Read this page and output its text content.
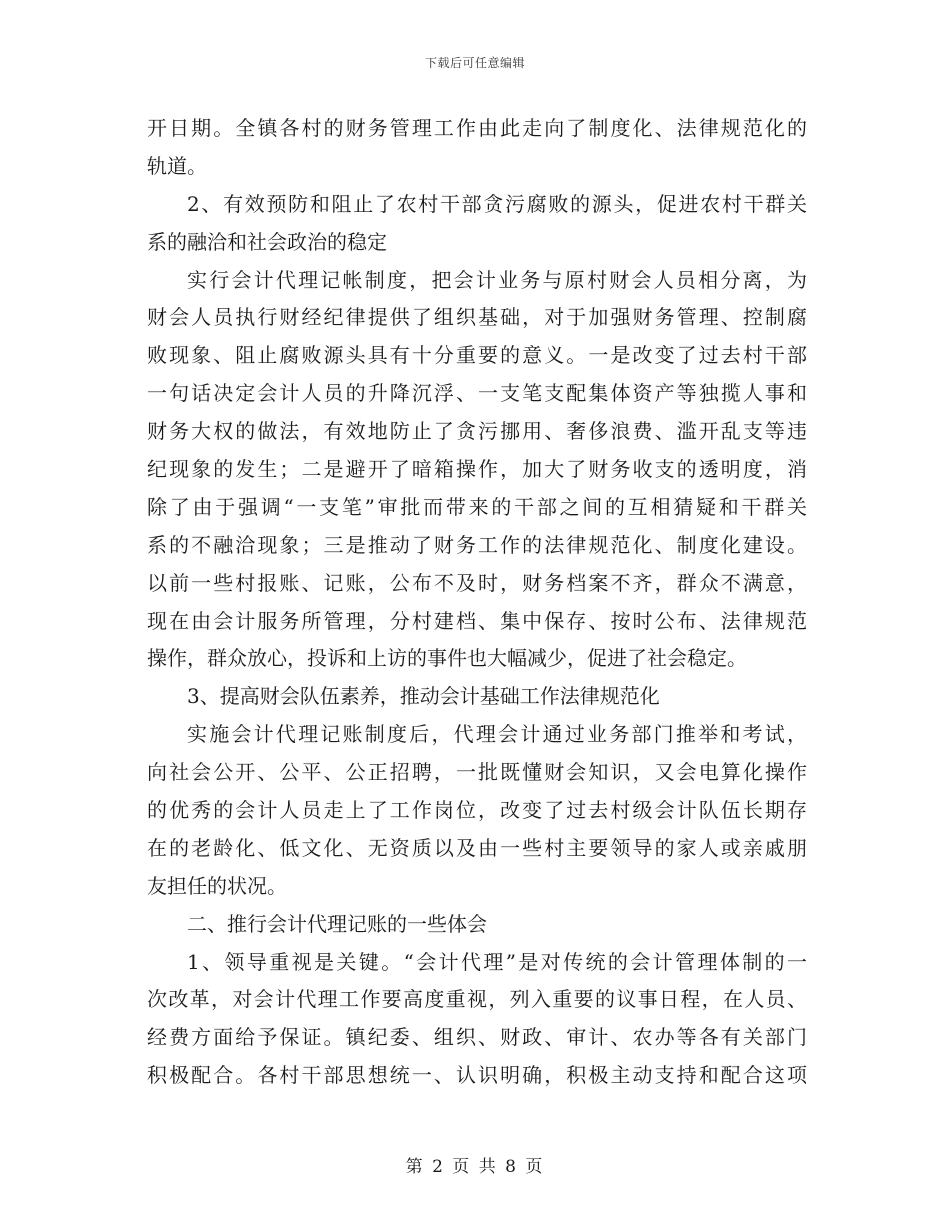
下载后可任意编辑
开日期。全镇各村的财务管理工作由此走向了制度化、法律规范化的
轨道。
2、有效预防和阻止了农村干部贪污腐败的源头，促进农村干群关
系的融洽和社会政治的稳定
实行会计代理记帐制度，把会计业务与原村财会人员相分离，为
财会人员执行财经纪律提供了组织基础，对于加强财务管理、控制腐
败现象、阻止腐败源头具有十分重要的意义。一是改变了过去村干部
一句话决定会计人员的升降沉浮、一支笔支配集体资产等独揽人事和
财务大权的做法，有效地防止了贪污挪用、奢侈浪费、滥开乱支等违
纪现象的发生；二是避开了暗箱操作，加大了财务收支的透明度，消
除了由于强调“一支笔”审批而带来的干部之间的互相猜疑和干群关
系的不融洽现象；三是推动了财务工作的法律规范化、制度化建设。
以前一些村报账、记账，公布不及时，财务档案不齐，群众不满意，
现在由会计服务所管理，分村建档、集中保存、按时公布、法律规范
操作，群众放心，投诉和上访的事件也大幅减少，促进了社会稳定。
3、提高财会队伍素养，推动会计基础工作法律规范化
实施会计代理记账制度后，代理会计通过业务部门推举和考试，
向社会公开、公平、公正招聘，一批既懂财会知识，又会电算化操作
的优秀的会计人员走上了工作岗位，改变了过去村级会计队伍长期存
在的老龄化、低文化、无资质以及由一些村主要领导的家人或亲戚朋
友担任的状况。
二、推行会计代理记账的一些体会
1、领导重视是关键。“会计代理”是对传统的会计管理体制的一
次改革，对会计代理工作要高度重视，列入重要的议事日程，在人员、
经费方面给予保证。镇纪委、组织、财政、审计、农办等各有关部门
积极配合。各村干部思想统一、认识明确，积极主动支持和配合这项
第 2 页 共 8 页
